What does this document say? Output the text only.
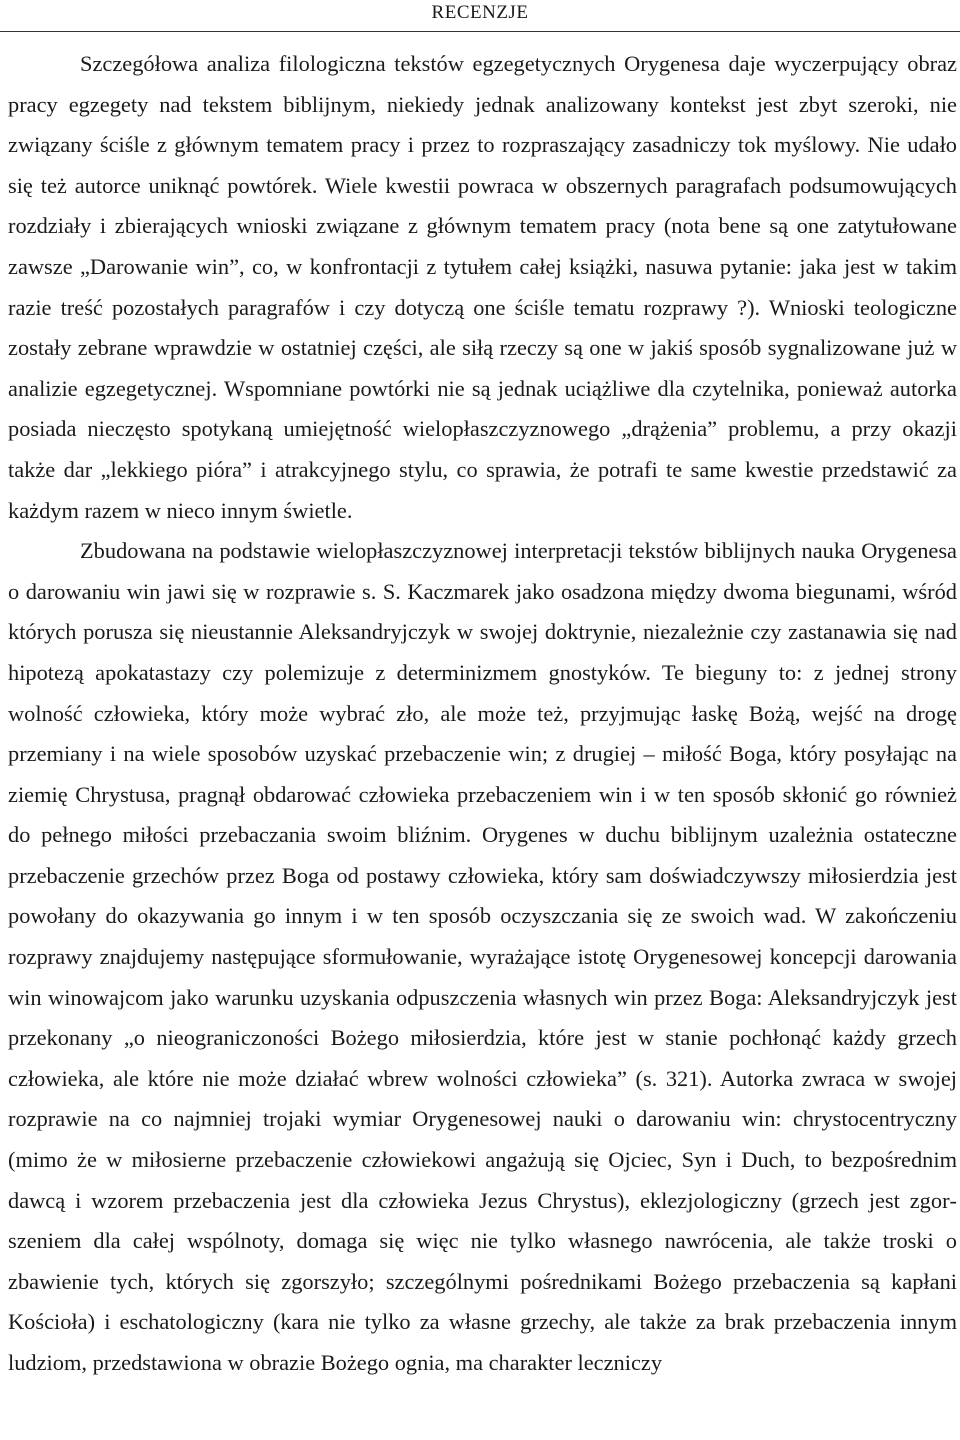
RECENZJE

Szczegółowa analiza filologiczna tekstów egzegetycznych Orygenesa daje wyczerpujący obraz pracy egzegety nad tekstem biblijnym, niekiedy jednak analizowany kontekst jest zbyt szeroki, nie związany ściśle z głównym tematem pracy i przez to rozpraszający zasadniczy tok myślowy. Nie udało się też autorce uniknąć powtórek. Wiele kwestii powraca w obszernych paragrafach podsumowujących rozdziały i zbierających wnioski związane z głównym tematem pracy (nota bene są one zatytułowane zawsze „Darowanie win”, co, w konfrontacji z tytułem całej książki, nasuwa pytanie: jaka jest w takim razie treść pozostałych paragrafów i czy dotyczą one ściśle tematu rozprawy ?). Wnioski teologiczne zostały zebrane wprawdzie w ostatniej części, ale siłą rzeczy są one w jakiś sposób sygnalizowane już w analizie egzegetycznej. Wspomniane powtórki nie są jednak uciążliwe dla czytelnika, ponieważ autorka posiada nieczęsto spotykaną umiejętność wielopłaszczyznowego „drążenia” problemu, a przy okazji także dar „lekkiego pióra” i atrakcyjnego stylu, co sprawia, że potrafi te same kwestie przedstawić za każdym razem w nieco innym świetle.

Zbudowana na podstawie wielopłaszczyznowej interpretacji tekstów biblijnych nauka Orygenesa o darowaniu win jawi się w rozprawie s. S. Kaczmarek jako osadzona między dwoma biegunami, wśród których porusza się nieustannie Aleksandryjczyk w swojej doktrynie, niezależnie czy zastanawia się nad hipotezą apokatastazy czy polemizuje z determinizmem gnostyków. Te bieguny to: z jednej strony wolność człowieka, który może wybrać zło, ale może też, przyjmując łaskę Bożą, wejść na drogę przemiany i na wiele sposobów uzyskać przebaczenie win; z drugiej – miłość Boga, który posyłając na ziemię Chrystusa, pragnął obdarować człowieka przebaczeniem win i w ten sposób skłonić go również do pełnego miłości przebaczania swoim bliźnim. Orygenes w duchu biblijnym uzależnia ostateczne przebaczenie grzechów przez Boga od postawy człowieka, który sam doświadczywszy miłosierdzia jest powołany do okazywania go innym i w ten sposób oczyszczania się ze swoich wad. W zakończeniu rozprawy znajdujemy następujące sformułowanie, wyrażające istotę Orygenesowej koncepcji darowania win winowajcom jako warunku uzyskania odpuszczenia własnych win przez Boga: Aleksandryjczyk jest przekonany „o nieograniczoności Bożego miłosierdzia, które jest w stanie pochłonąć każdy grzech człowieka, ale które nie może działać wbrew wolności człowieka” (s. 321). Autorka zwraca w swojej rozprawie na co najmniej trojaki wymiar Orygenesowej nauki o darowaniu win: chrystocentryczny (mimo że w miłosierne przebaczenie człowiekowi angażują się Ojciec, Syn i Duch, to bezpośrednim dawcą i wzorem przebaczenia jest dla człowieka Jezus Chrystus), eklezjologiczny (grzech jest zgorszeniem dla całej wspólnoty, domaga się więc nie tylko własnego nawrócenia, ale także troski o zbawienie tych, których się zgorszyło; szczególnymi pośrednikami Bożego przebaczenia są kapłani Kościoła) i eschatologiczny (kara nie tylko za własne grzechy, ale także za brak przebaczenia innym ludziom, przedstawiona w obrazie Bożego ognia, ma charakter leczniczy
